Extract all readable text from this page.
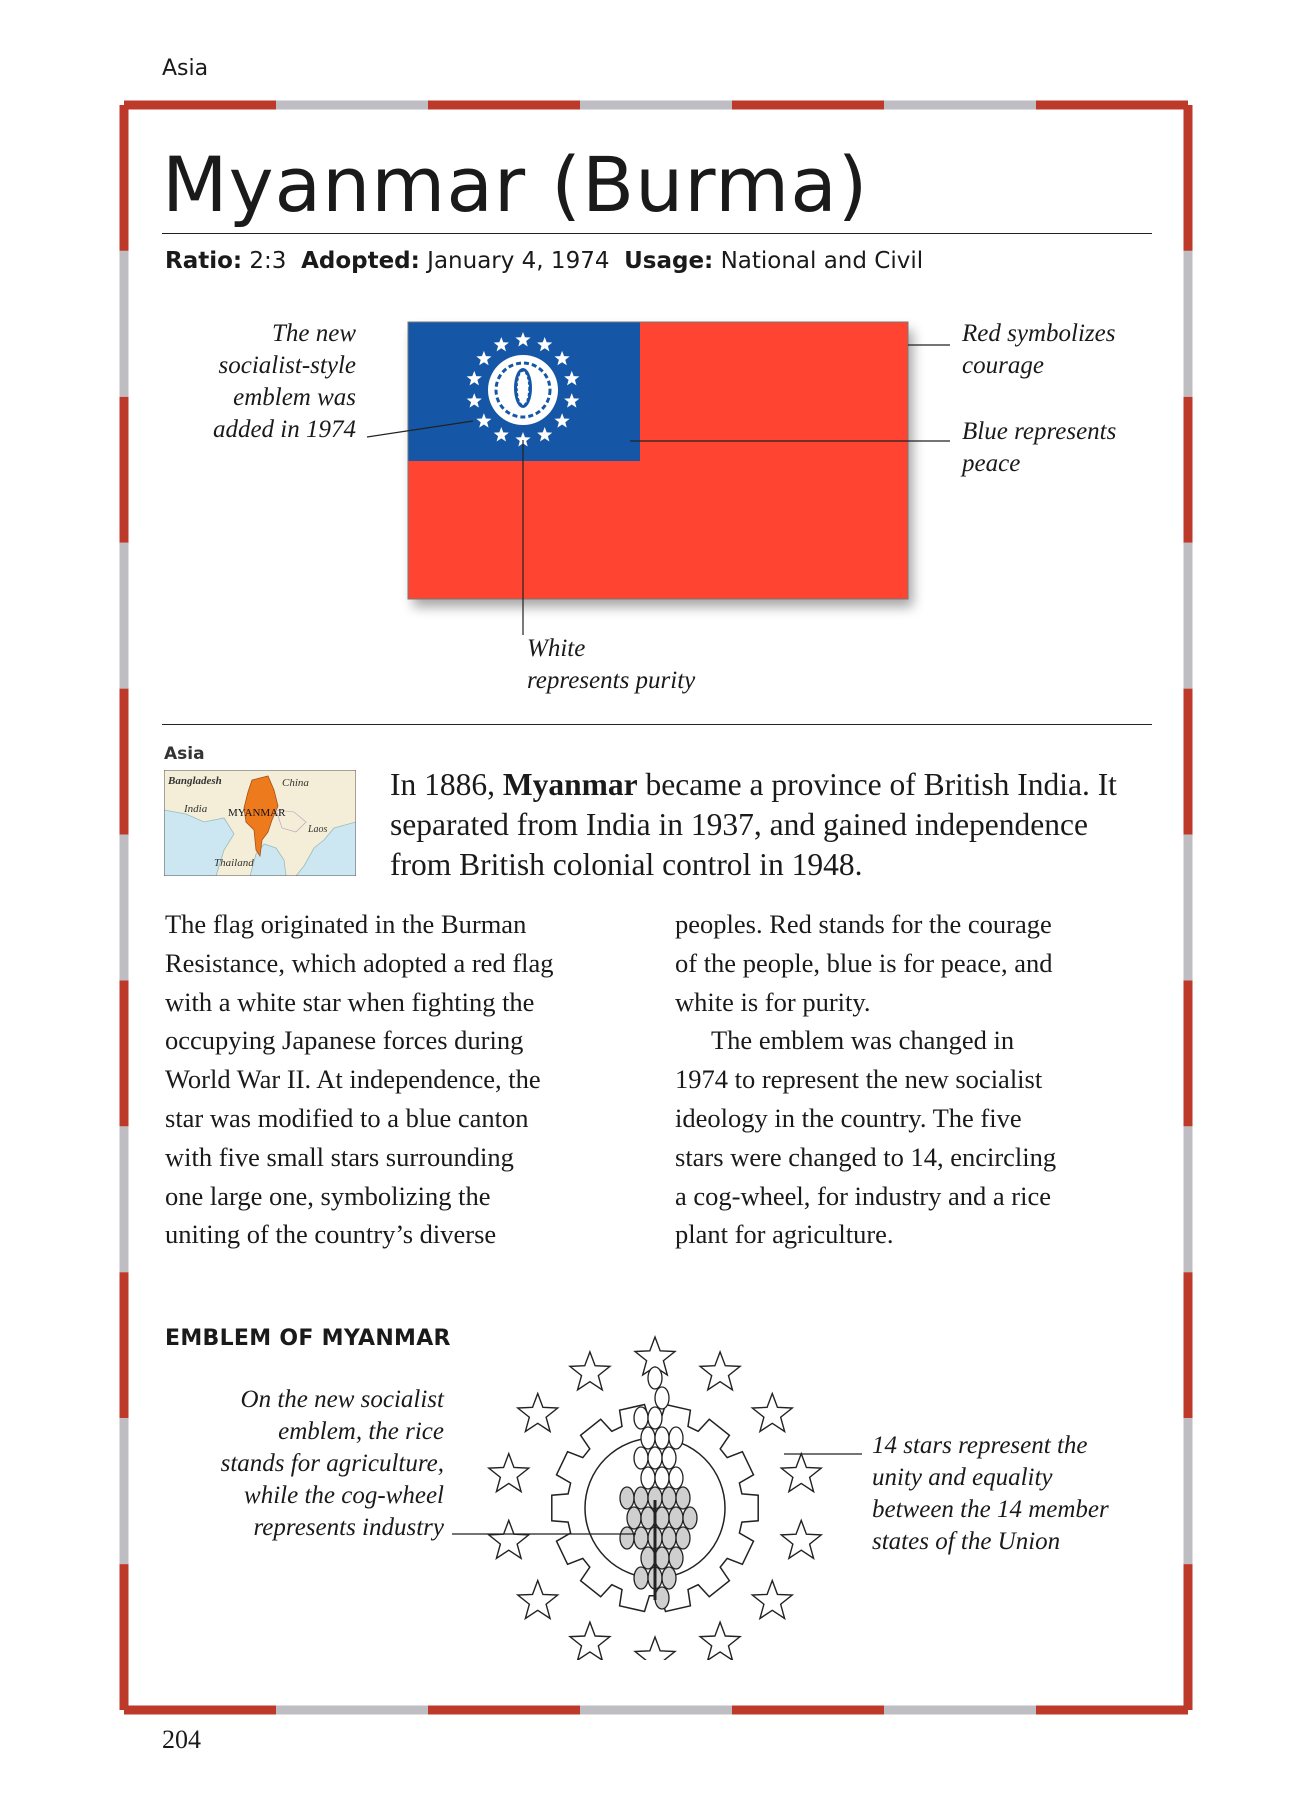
Asia
Myanmar (Burma)
Ratio: 2:3 Adopted: January 4, 1974 Usage: National and Civil
The new
socialist-style
emblem was
added in 1974
Red symbolizes
courage
Blue represents
peace
White
represents purity
Asia
Bangladesh	China
India MYANMAR
Laos
Thailand
In 1886, Myanmar became a province of British India. It separated from India in 1937, and gained independence from British colonial control in 1948.
The flag originated in the Burman
Resistance, which adopted a red flag
with a white star when fighting the
occupying Japanese forces during
World War II. At independence, the
star was modified to a blue canton
with five small stars surrounding
one large one, symbolizing the
uniting of the country’s diverse
peoples. Red stands for the courage
of the people, blue is for peace, and
white is for purity.
The emblem was changed in
1974 to represent the new socialist
ideology in the country. The five
stars were changed to 14, encircling
a cog-wheel, for industry and a rice
plant for agriculture.
EMBLEM OF MYANMAR
On the new socialist
emblem, the rice
stands for agriculture,
while the cog-wheel
represents industry
14 stars represent the
unity and equality
between the 14 member
states of the Union
204
